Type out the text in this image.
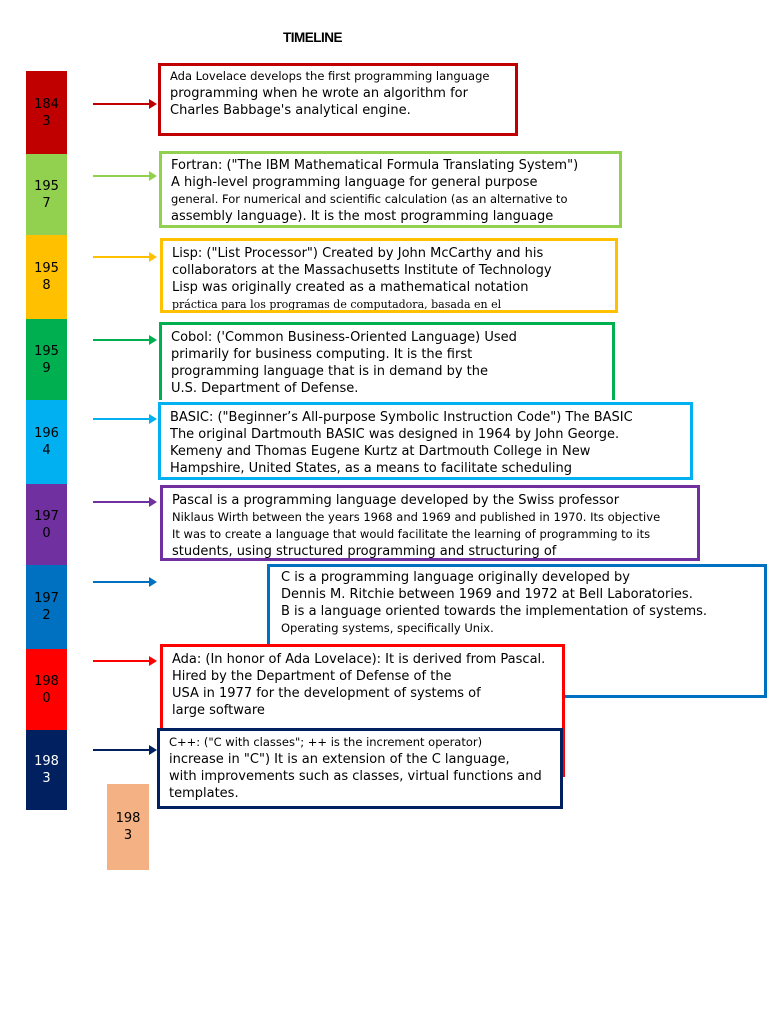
TIMELINE
184
3
195
7
195
8
195
9
196
4
197
0
197
2
198
0
198
3
198
3
C is a programming language originally developed by
Dennis M. Ritchie between 1969 and 1972 at Bell Laboratories.
B is a language oriented towards the implementation of systems.
Operating systems, specifically Unix.
Ada Lovelace develops the first programming language
programming when he wrote an algorithm for
Charles Babbage's analytical engine.
Fortran: ("The IBM Mathematical Formula Translating System")
A high-level programming language for general purpose
general. For numerical and scientific calculation (as an alternative to
assembly language). It is the most programming language
Lisp: ("List Processor") Created by John McCarthy and his
collaborators at the Massachusetts Institute of Technology
Lisp was originally created as a mathematical notation
práctica para los programas de computadora, basada en el
Cobol: ('Common Business-Oriented Language) Used
primarily for business computing. It is the first
programming language that is in demand by the
U.S. Department of Defense.
BASIC: ("Beginner’s All-purpose Symbolic Instruction Code") The BASIC
The original Dartmouth BASIC was designed in 1964 by John George.
Kemeny and Thomas Eugene Kurtz at Dartmouth College in New
Hampshire, United States, as a means to facilitate scheduling
Pascal is a programming language developed by the Swiss professor
Niklaus Wirth between the years 1968 and 1969 and published in 1970. Its objective
It was to create a language that would facilitate the learning of programming to its
students, using structured programming and structuring of
Ada: (In honor of Ada Lovelace): It is derived from Pascal.
Hired by the Department of Defense of the
USA in 1977 for the development of systems of
large software
C++: ("C with classes"; ++ is the increment operator)
increase in "C") It is an extension of the C language,
with improvements such as classes, virtual functions and
templates.
